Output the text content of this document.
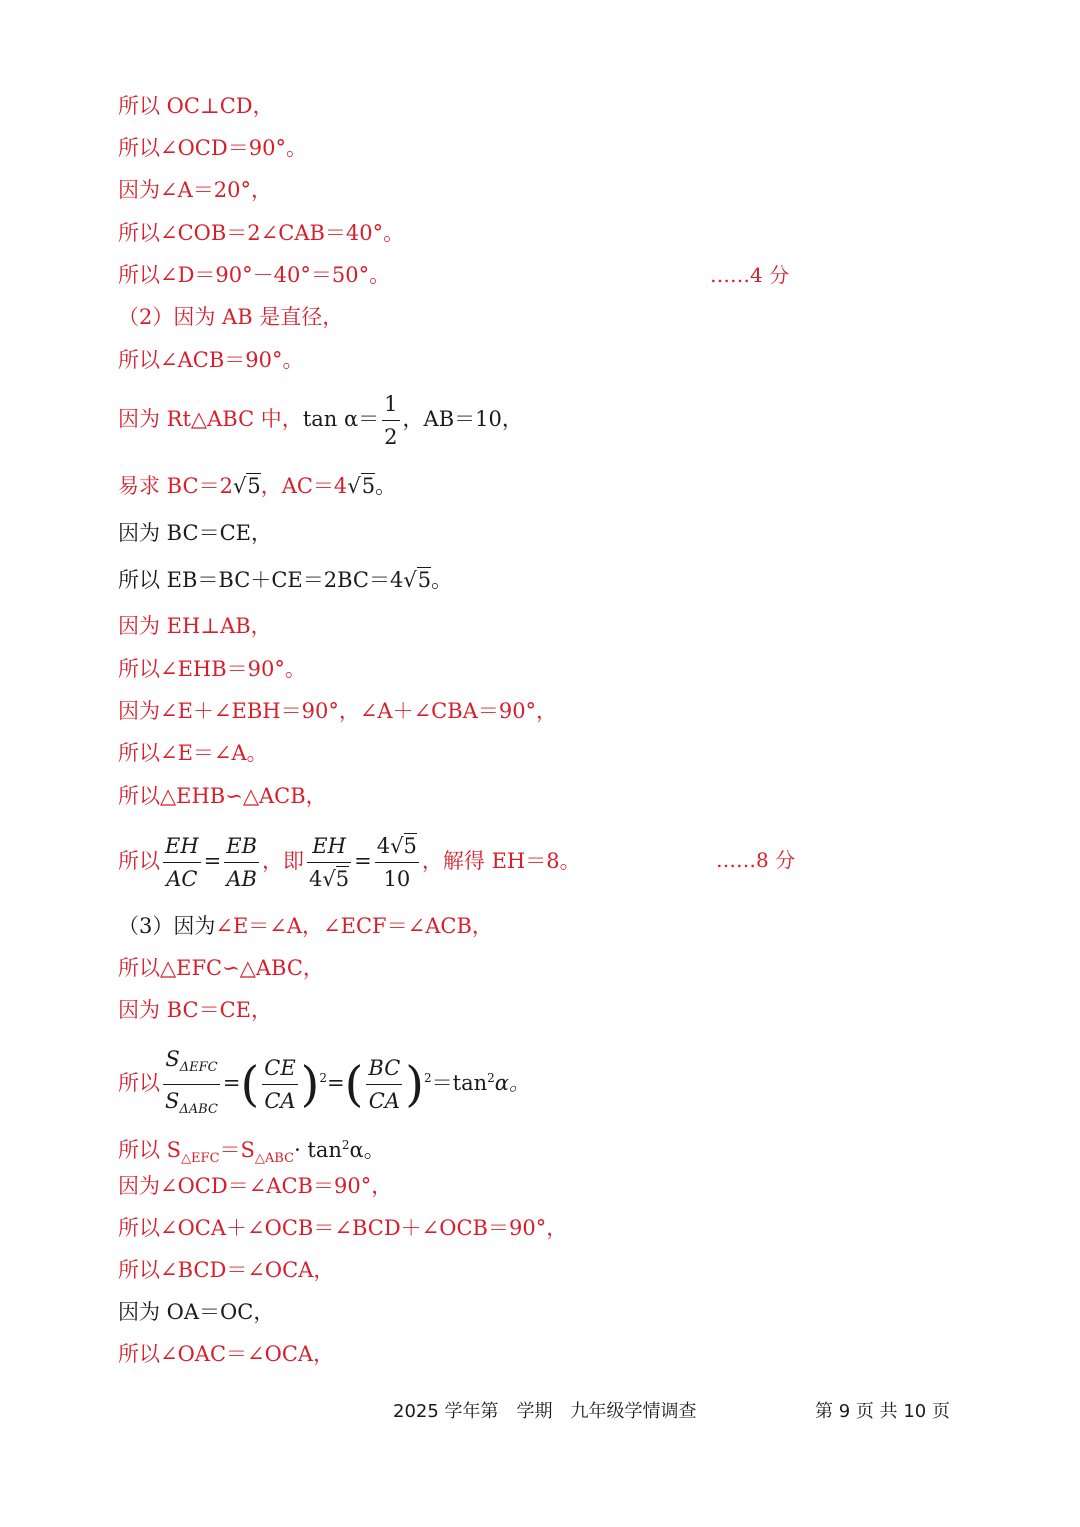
所以 OC⊥CD，
所以∠OCD＝90°。
因为∠A＝20°，
所以∠COB＝2∠CAB＝40°。
所以∠D＝90°－40°＝50°。	……4 分
（2）因为 AB 是直径，
所以∠ACB＝90°。
因为 Rt△ABC 中，$\tan \alpha= \frac{1}{2}$ ，AB＝10，
易求 BC＝2√5，AC＝4√5。
因为 BC＝CE，
所以 EB＝BC＋CE＝2BC＝4√5。
因为 EH⊥AB，
所以∠EHB＝90°。
因为∠E＋∠EBH＝90°，∠A＋∠CBA＝90°，
所以∠E＝∠A。
所以△EHB∽△ACB，
所以 $\frac{EH}{AC} = \frac{EB}{AB}$ ，即 $\frac{EH}{4√5} = \frac{4√5}{10}$ ，解得 EH＝8。	……8 分
（3）因为∠E＝∠A，∠ECF＝∠ACB，
所以△EFC∽△ABC，
因为 BC＝CE，
所以 $\frac{S_{\Delta EFC}}{S_{\Delta ABC}}$ =( $\frac{CE}{CA} )^2=( \frac{BC}{CA} )^2=\tan^2\alpha$。
所以 $S_{\triangle EFC}=S_{\triangle ABC}\cdot \tan^2\alpha$。
因为∠OCD＝∠ACB＝90°，
所以∠OCA＋∠OCB＝∠BCD＋∠OCB＝90°，
所以∠BCD＝∠OCA，
因为 OA＝OC，
所以∠OAC＝∠OCA，
2025 学年第　学期　九年级学情调查	第 9 页 共 10 页
